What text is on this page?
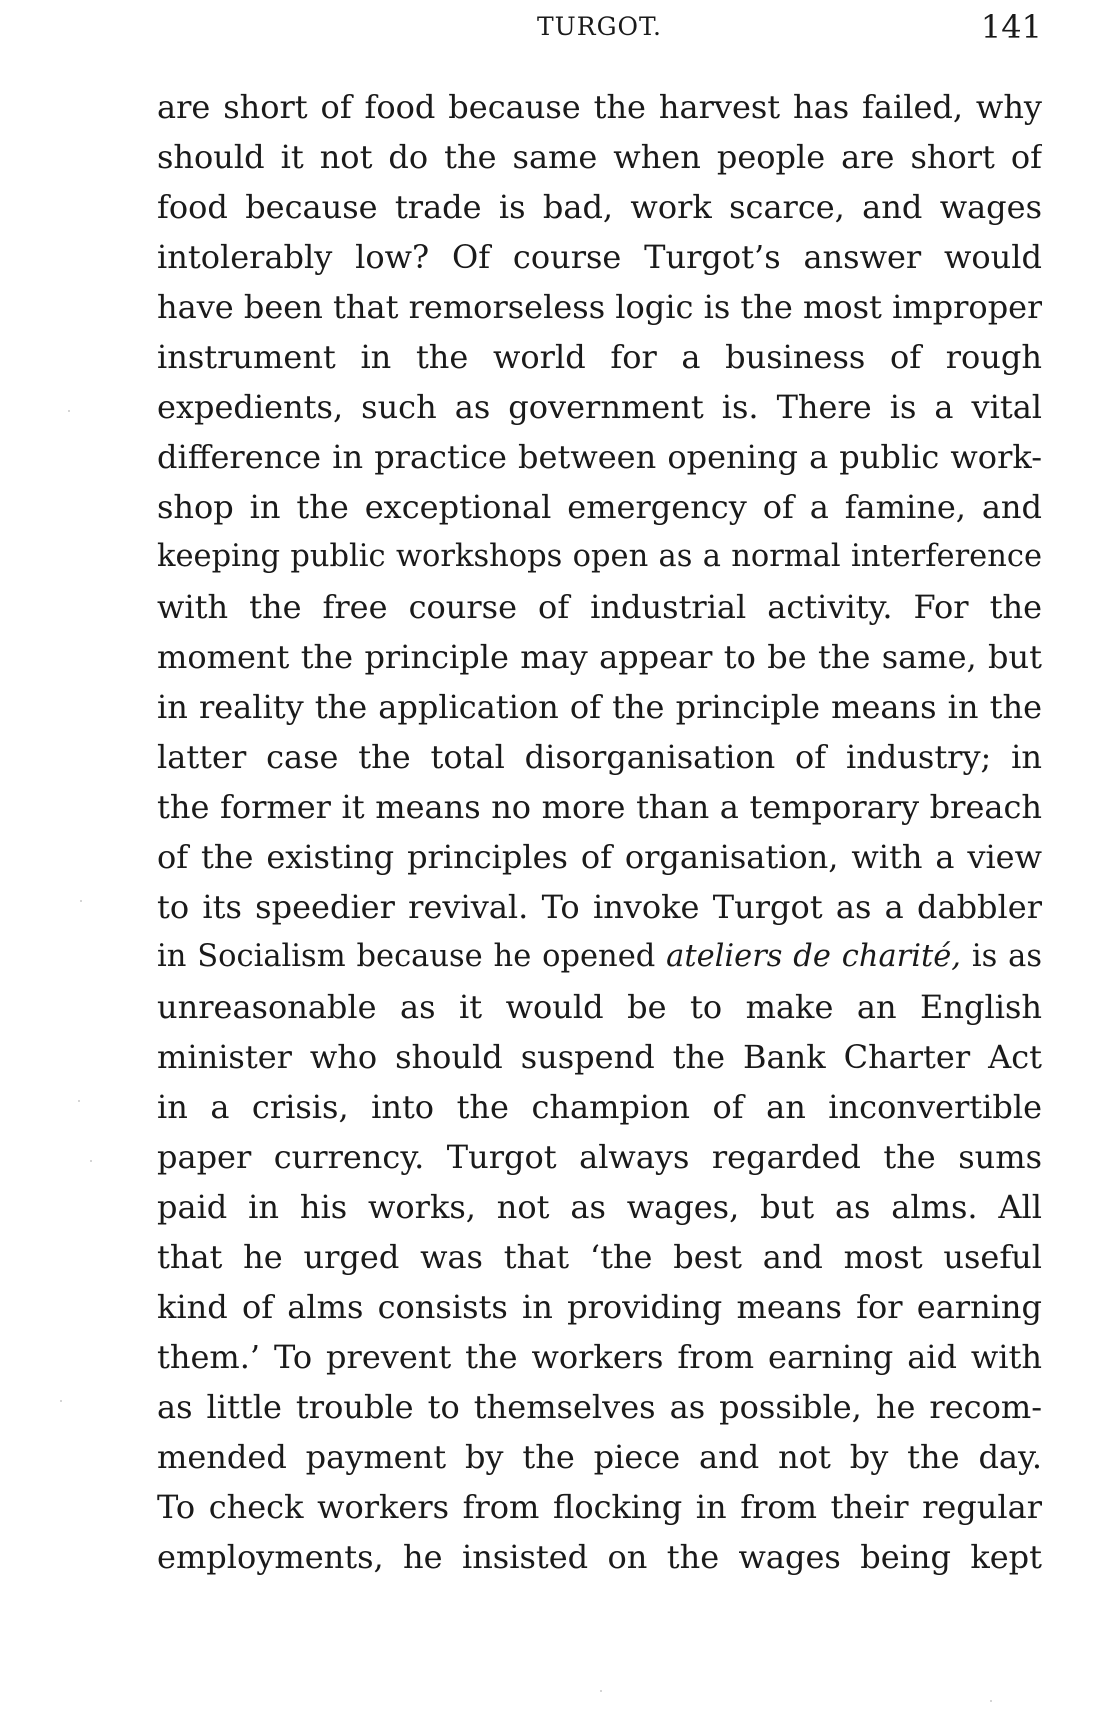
TURGOT.	141
are short of food because the harvest has failed, why
should it not do the same when people are short of
food because trade is bad, work scarce, and wages
intolerably low? Of course Turgot’s answer would
have been that remorseless logic is the most improper
instrument in the world for a business of rough
expedients, such as government is. There is a vital
difference in practice between opening a public work-
shop in the exceptional emergency of a famine, and
keeping public workshops open as a normal interference
with the free course of industrial activity. For the
moment the principle may appear to be the same, but
in reality the application of the principle means in the
latter case the total disorganisation of industry; in
the former it means no more than a temporary breach
of the existing principles of organisation, with a view
to its speedier revival. To invoke Turgot as a dabbler
in Socialism because he opened ateliers de charité, is as
unreasonable as it would be to make an English
minister who should suspend the Bank Charter Act
in a crisis, into the champion of an inconvertible
paper currency. Turgot always regarded the sums
paid in his works, not as wages, but as alms. All
that he urged was that ‘the best and most useful
kind of alms consists in providing means for earning
them.’ To prevent the workers from earning aid with
as little trouble to themselves as possible, he recom-
mended payment by the piece and not by the day.
To check workers from flocking in from their regular
employments, he insisted on the wages being kept
